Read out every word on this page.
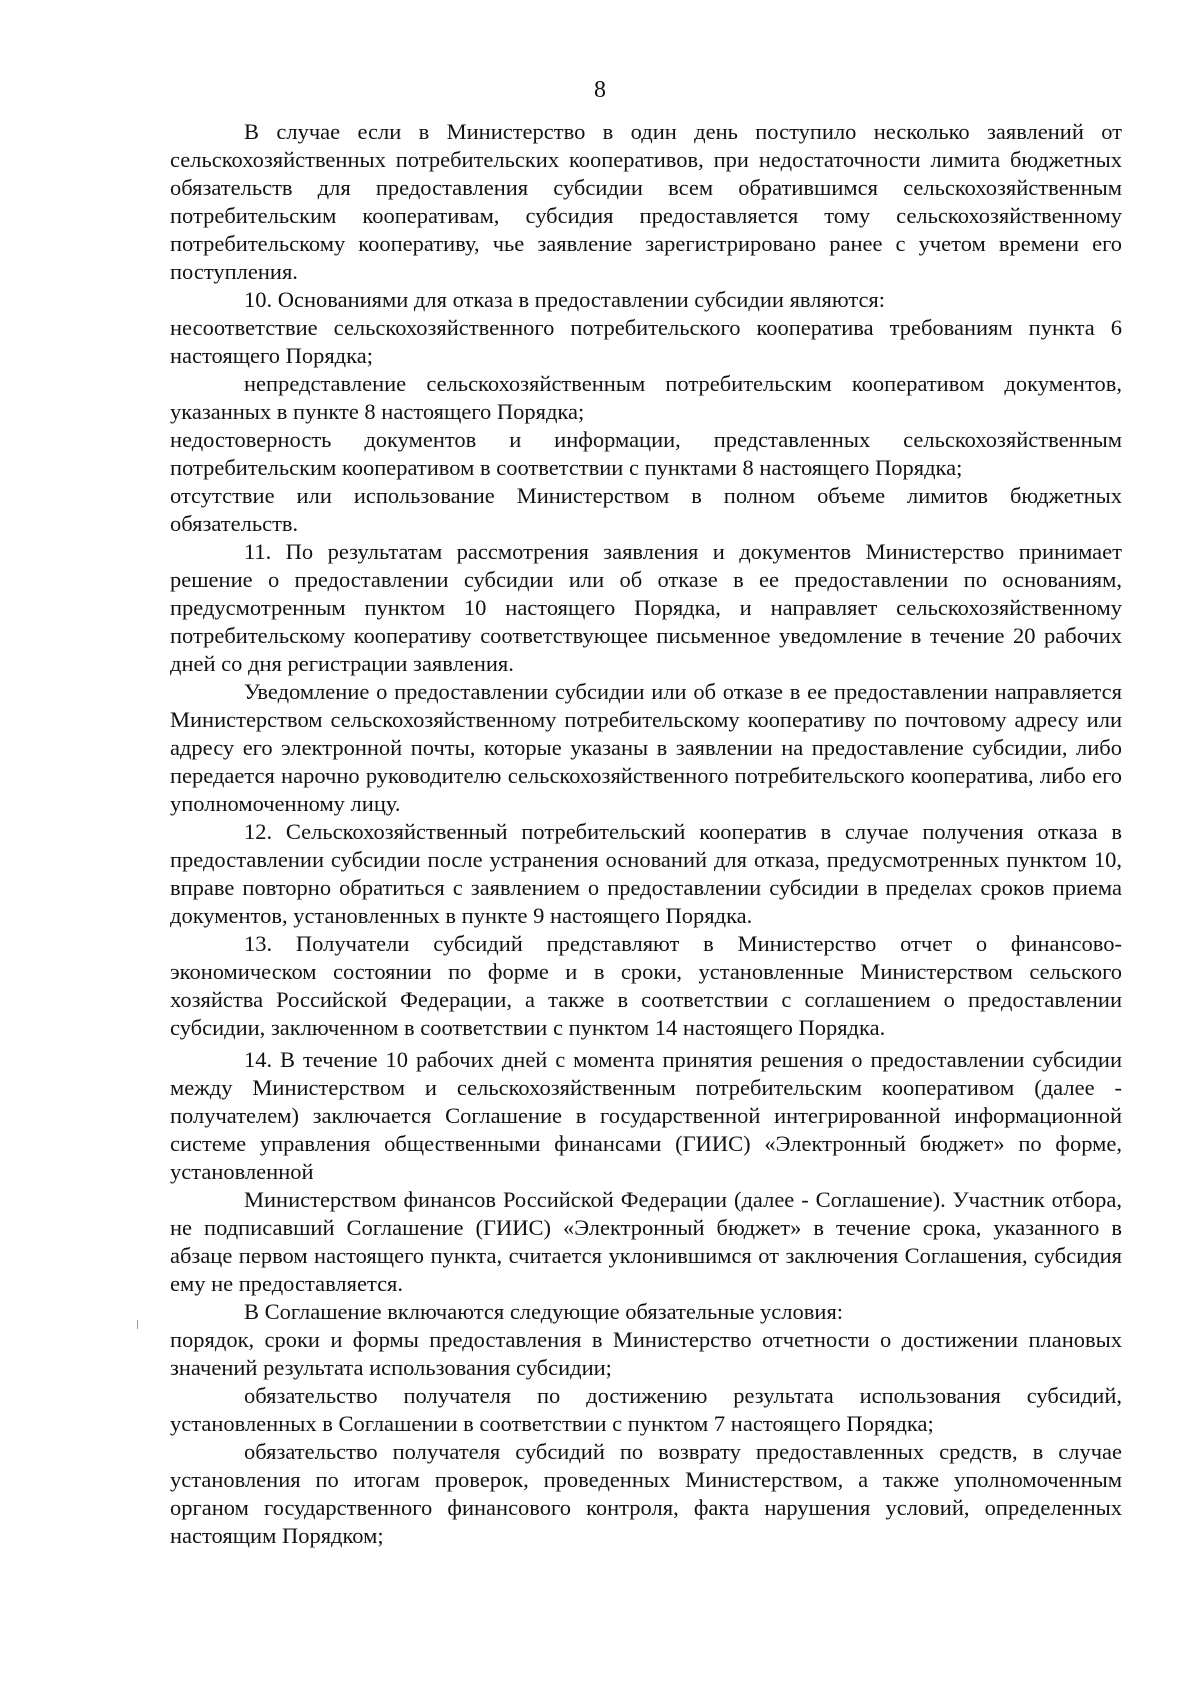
8

В случае если в Министерство в один день поступило несколько заявлений от сельскохозяйственных потребительских кооперативов, при недостаточности лимита бюджетных обязательств для предоставления субсидии всем обратившимся сельскохозяйственным потребительским кооперативам, субсидия предоставляется тому сельскохозяйственному потребительскому кооперативу, чье заявление зарегистрировано ранее с учетом времени его поступления.

10. Основаниями для отказа в предоставлении субсидии являются:

несоответствие сельскохозяйственного потребительского кооператива требованиям пункта 6 настоящего Порядка;

непредставление сельскохозяйственным потребительским кооперативом документов, указанных в пункте 8 настоящего Порядка;

недостоверность документов и информации, представленных сельскохозяйственным потребительским кооперативом в соответствии с пунктами 8 настоящего Порядка;

отсутствие или использование Министерством в полном объеме лимитов бюджетных обязательств.

11. По результатам рассмотрения заявления и документов Министерство принимает решение о предоставлении субсидии или об отказе в ее предоставлении по основаниям, предусмотренным пунктом 10 настоящего Порядка, и направляет сельскохозяйственному потребительскому кооперативу соответствующее письменное уведомление в течение 20 рабочих дней со дня регистрации заявления.

Уведомление о предоставлении субсидии или об отказе в ее предоставлении направляется Министерством сельскохозяйственному потребительскому кооперативу по почтовому адресу или адресу его электронной почты, которые указаны в заявлении на предоставление субсидии, либо передается нарочно руководителю сельскохозяйственного потребительского кооператива, либо его уполномоченному лицу.

12. Сельскохозяйственный потребительский кооператив в случае получения отказа в предоставлении субсидии после устранения оснований для отказа, предусмотренных пунктом 10, вправе повторно обратиться с заявлением о предоставлении субсидии в пределах сроков приема документов, установленных в пункте 9 настоящего Порядка.

13. Получатели субсидий представляют в Министерство отчет о финансово-экономическом состоянии по форме и в сроки, установленные Министерством сельского хозяйства Российской Федерации, а также в соответствии с соглашением о предоставлении субсидии, заключенном в соответствии с пунктом 14 настоящего Порядка.

14. В течение 10 рабочих дней с момента принятия решения о предоставлении субсидии между Министерством и сельскохозяйственным потребительским кооперативом (далее - получателем) заключается Соглашение в государственной интегрированной информационной системе управления общественными финансами (ГИИС) «Электронный бюджет» по форме, установленной

Министерством финансов Российской Федерации (далее - Соглашение). Участник отбора, не подписавший Соглашение (ГИИС) «Электронный бюджет» в течение срока, указанного в абзаце первом настоящего пункта, считается уклонившимся от заключения Соглашения, субсидия ему не предоставляется.

В Соглашение включаются следующие обязательные условия:

порядок, сроки и формы предоставления в Министерство отчетности о достижении плановых значений результата использования субсидии;

обязательство получателя по достижению результата использования субсидий, установленных в Соглашении в соответствии с пунктом 7 настоящего Порядка;

обязательство получателя субсидий по возврату предоставленных средств, в случае установления по итогам проверок, проведенных Министерством, а также уполномоченным органом государственного финансового контроля, факта нарушения условий, определенных настоящим Порядком;
